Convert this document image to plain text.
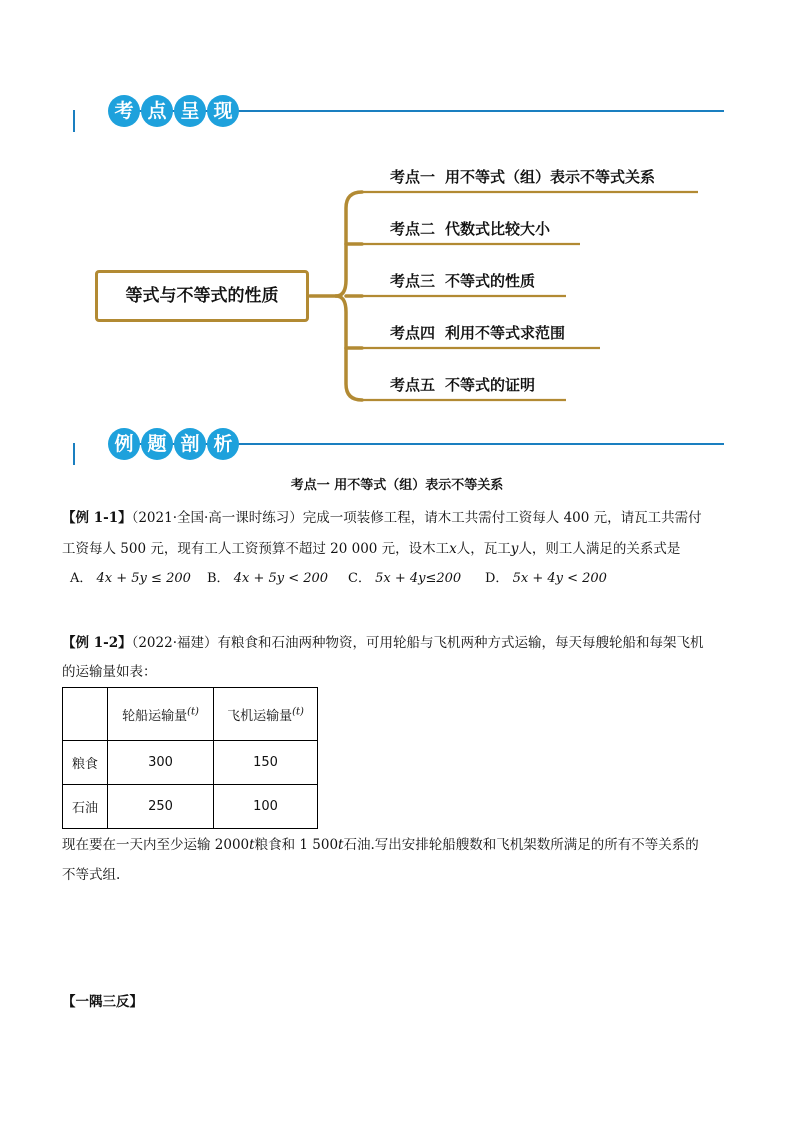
考 点 呈 现
等式与不等式的性质
考点一 用不等式（组）表示不等式关系
考点二 代数式比较大小
考点三 不等式的性质
考点四 利用不等式求范围
考点五 不等式的证明
例 题 剖 析
考点一 用不等式（组）表示不等关系
【例 1-1】（2021·全国·高一课时练习）完成一项装修工程，请木工共需付工资每人 400 元，请瓦工共需付
工资每人 500 元，现有工人工资预算不超过 20 000 元，设木工x人，瓦工y人，则工人满足的关系式是
A． 4x + 5y ≤ 200 B． 4x + 5y < 200 C． 5x + 4y≤200 D． 5x + 4y < 200
【例 1-2】（2022·福建）有粮食和石油两种物资，可用轮船与飞机两种方式运输，每天每艘轮船和每架飞机
的运输量如表：
	轮船运输量$^{(t)}$	飞机运输量$^{(t)}$
粮食	300	150
石油	250	100
现在要在一天内至少运输 2000t粮食和 1 500t石油.写出安排轮船艘数和飞机架数所满足的所有不等关系的
不等式组.
【一隅三反】
